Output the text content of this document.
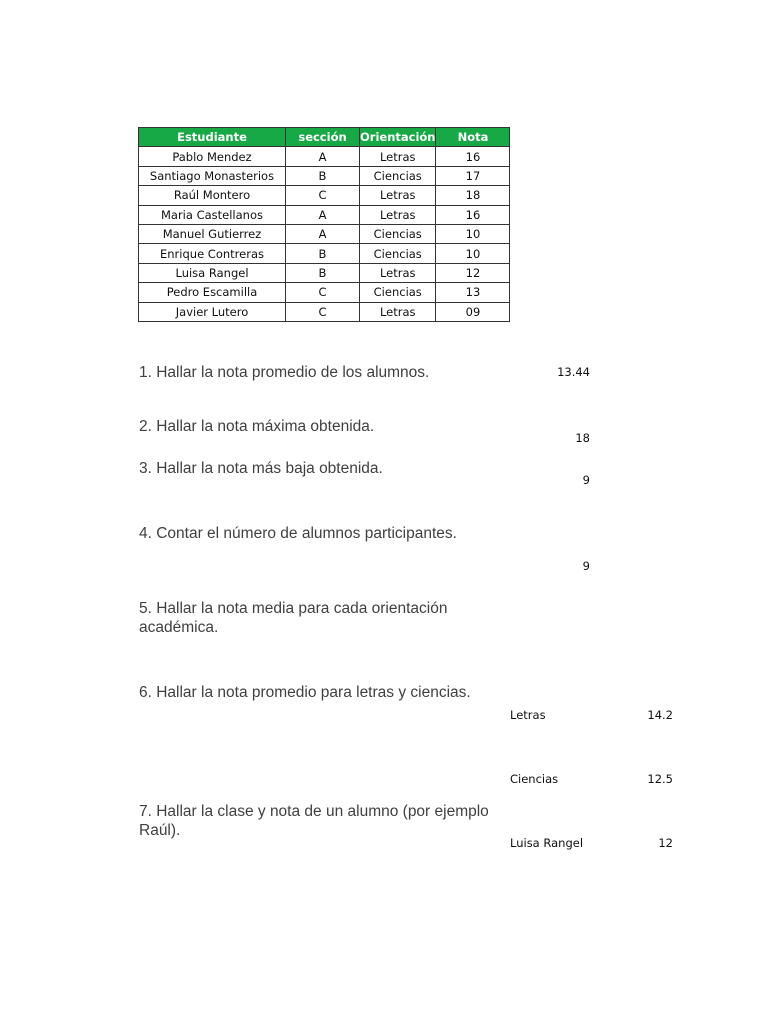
Estudiante	sección	Orientación	Nota
Pablo Mendez	A	Letras	16
Santiago Monasterios	B	Ciencias	17
Raúl Montero	C	Letras	18
Maria Castellanos	A	Letras	16
Manuel Gutierrez	A	Ciencias	10
Enrique Contreras	B	Ciencias	10
Luisa Rangel	B	Letras	12
Pedro Escamilla	C	Ciencias	13
Javier Lutero	C	Letras	09
1. Hallar la nota promedio de los alumnos.	13.44
2. Hallar la nota máxima obtenida.
18
3. Hallar la nota más baja obtenida.
9
4. Contar el número de alumnos participantes.
9
5. Hallar la nota media para cada orientación académica.
6. Hallar la nota promedio para letras y ciencias.
Letras	14.2
Ciencias	12.5
7. Hallar la clase y nota de un alumno (por ejemplo Raúl).
Luisa Rangel	12
